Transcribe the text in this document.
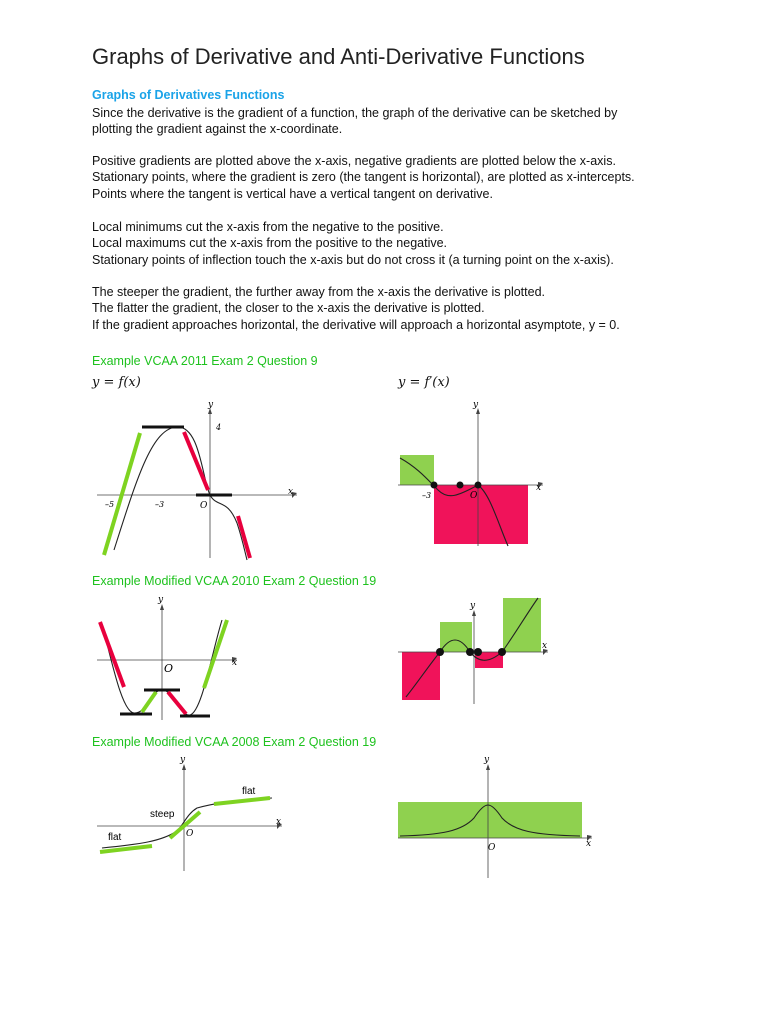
Graphs of Derivative and Anti-Derivative Functions
Graphs of Derivatives Functions
Since the derivative is the gradient of a function, the graph of the derivative can be sketched by
plotting the gradient against the x-coordinate.
Positive gradients are plotted above the x-axis, negative gradients are plotted below the x-axis.
Stationary points, where the gradient is zero (the tangent is horizontal), are plotted as x-intercepts.
Points where the tangent is vertical have a vertical tangent on derivative.
Local minimums cut the x-axis from the negative to the positive.
Local maximums cut the x-axis from the positive to the negative.
Stationary points of inflection touch the x-axis but do not cross it (a turning point on the x-axis).
The steeper the gradient, the further away from the x-axis the derivative is plotted.
The flatter the gradient, the closer to the x-axis the derivative is plotted.
If the gradient approaches horizontal, the derivative will approach a horizontal asymptote, y = 0.
Example VCAA 2011 Exam 2 Question 9
y = f(x)	y = f′(x)
y
x
4
–5	–3	O
y
x
–3	O
Example Modified VCAA 2010 Exam 2 Question 19
y
x
O
y
x
Example Modified VCAA 2008 Exam 2 Question 19
y
x
O
flat
steep
flat
y
x
O
